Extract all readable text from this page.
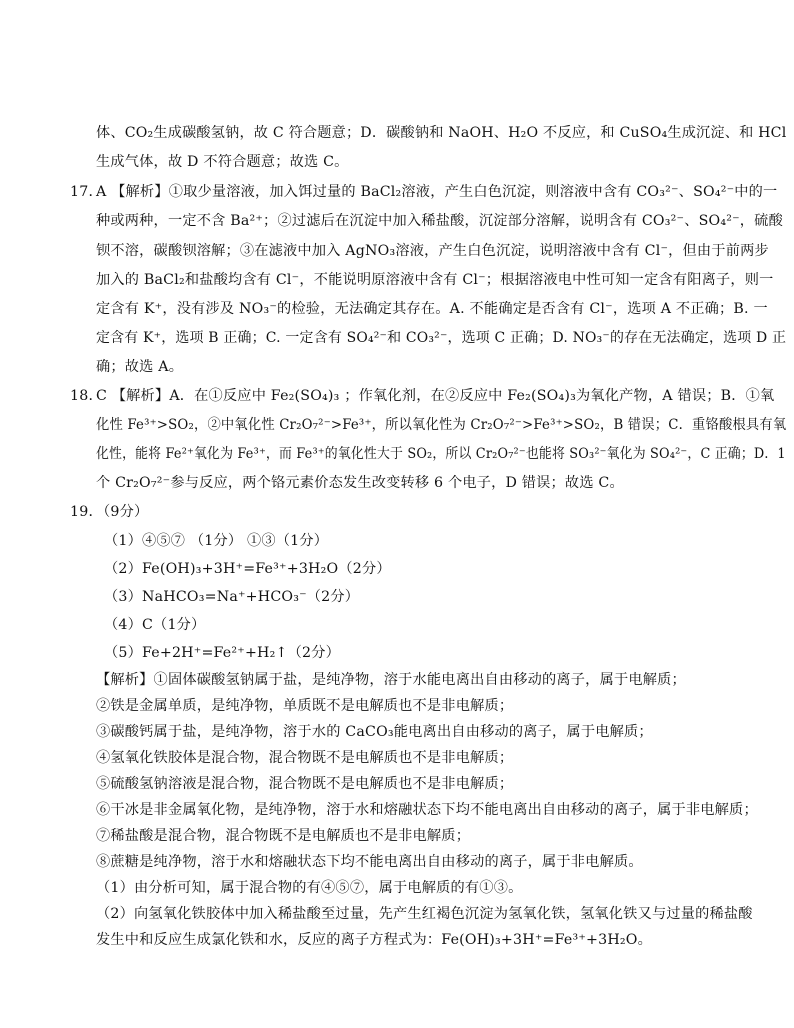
体、CO₂生成碳酸氢钠，故 C 符合题意；D．碳酸钠和 NaOH、H₂O 不反应，和 CuSO₄生成沉淀、和 HCl
生成气体，故 D 不符合题意；故选 C。
17．A 【解析】①取少量溶液，加入饵过量的 BaCl₂溶液，产生白色沉淀，则溶液中含有 CO₃²⁻、SO₄²⁻中的一
种或两种，一定不含 Ba²⁺；②过滤后在沉淀中加入稀盐酸，沉淀部分溶解，说明含有 CO₃²⁻、SO₄²⁻，硫酸
钡不溶，碳酸钡溶解；③在滤液中加入 AgNO₃溶液，产生白色沉淀，说明溶液中含有 Cl⁻，但由于前两步
加入的 BaCl₂和盐酸均含有 Cl⁻，不能说明原溶液中含有 Cl⁻；根据溶液电中性可知一定含有阳离子，则一
定含有 K⁺，没有涉及 NO₃⁻的检验，无法确定其存在。A. 不能确定是否含有 Cl⁻，选项 A 不正确；B. 一
定含有 K⁺，选项 B 正确；C. 一定含有 SO₄²⁻和 CO₃²⁻，选项 C 正确；D. NO₃⁻的存在无法确定，选项 D 正
确；故选 A。
18．C 【解析】A．在①反应中 Fe₂(SO₄)₃ ；作氧化剂，在②反应中 Fe₂(SO₄)₃为氧化产物，A 错误；B．①氧
化性 Fe³⁺>SO₂，②中氧化性 Cr₂O₇²⁻>Fe³⁺，所以氧化性为 Cr₂O₇²⁻>Fe³⁺>SO₂，B 错误；C．重铬酸根具有氧
化性，能将 Fe²⁺氧化为 Fe³⁺，而 Fe³⁺的氧化性大于 SO₂，所以 Cr₂O₇²⁻也能将 SO₃²⁻氧化为 SO₄²⁻，C 正确；D．1
个 Cr₂O₇²⁻参与反应，两个铬元素价态发生改变转移 6 个电子，D 错误；故选 C。
19．（9分）
（1）④⑤⑦ （1分） ①③（1分）
（2）Fe(OH)₃+3H⁺=Fe³⁺+3H₂O（2分）
（3）NaHCO₃=Na⁺+HCO₃⁻（2分）
（4）C（1分）
（5）Fe+2H⁺=Fe²⁺+H₂↑（2分）
【解析】①固体碳酸氢钠属于盐，是纯净物，溶于水能电离出自由移动的离子，属于电解质；
②铁是金属单质，是纯净物，单质既不是电解质也不是非电解质；
③碳酸钙属于盐，是纯净物，溶于水的 CaCO₃能电离出自由移动的离子，属于电解质；
④氢氧化铁胶体是混合物，混合物既不是电解质也不是非电解质；
⑤硫酸氢钠溶液是混合物，混合物既不是电解质也不是非电解质；
⑥干冰是非金属氧化物，是纯净物，溶于水和熔融状态下均不能电离出自由移动的离子，属于非电解质；
⑦稀盐酸是混合物，混合物既不是电解质也不是非电解质；
⑧蔗糖是纯净物，溶于水和熔融状态下均不能电离出自由移动的离子，属于非电解质。
（1）由分析可知，属于混合物的有④⑤⑦，属于电解质的有①③。
（2）向氢氧化铁胶体中加入稀盐酸至过量，先产生红褐色沉淀为氢氧化铁，氢氧化铁又与过量的稀盐酸
发生中和反应生成氯化铁和水，反应的离子方程式为：Fe(OH)₃+3H⁺=Fe³⁺+3H₂O。
